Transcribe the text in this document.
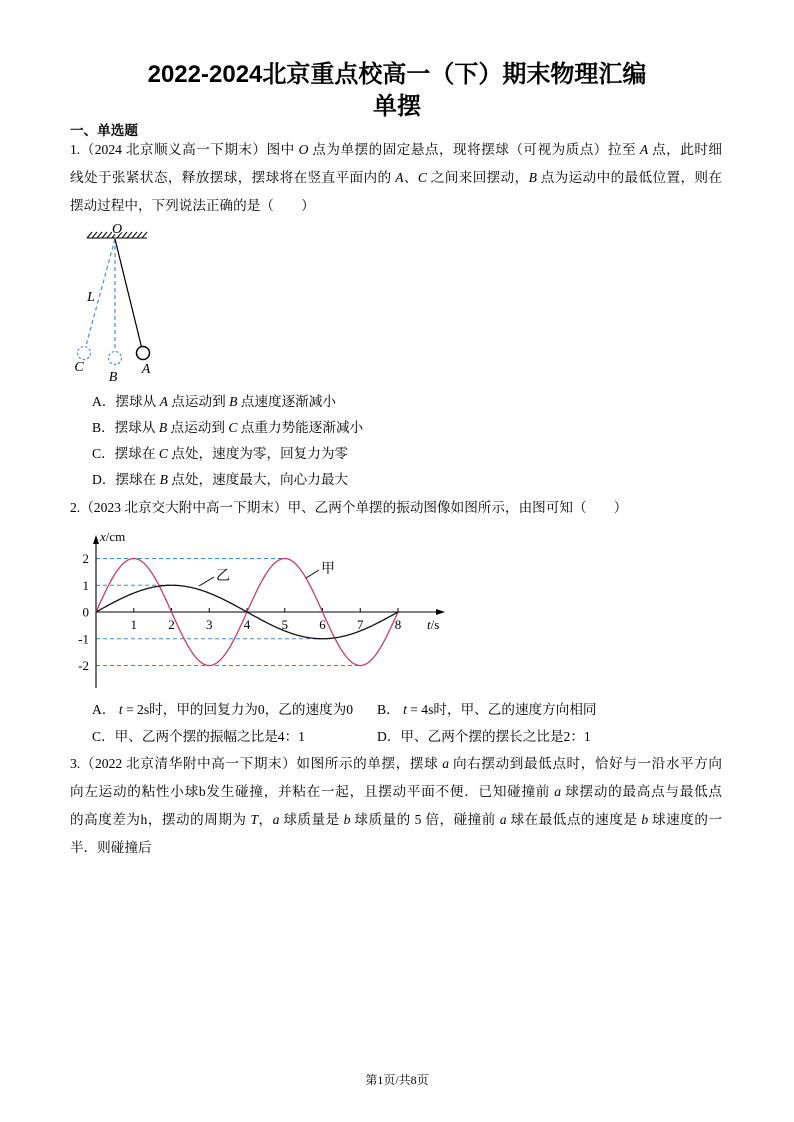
2022-2024北京重点校高一（下）期末物理汇编
单摆
一、单选题
1.（2024 北京顺义高一下期末）图中 O 点为单摆的固定悬点，现将摆球（可视为质点）拉至 A 点，此时细
线处于张紧状态，释放摆球，摆球将在竖直平面内的 A、C 之间来回摆动，B 点为运动中的最低位置，则在
摆动过程中，下列说法正确的是（　　）
O
L
C
B
A
A．摆球从 A 点运动到 B 点速度逐渐减小
B．摆球从 B 点运动到 C 点重力势能逐渐减小
C．摆球在 C 点处，速度为零，回复力为零
D．摆球在 B 点处，速度最大，向心力最大
2.（2023 北京交大附中高一下期末）甲、乙两个单摆的振动图像如图所示，由图可知（　　）
1 2 3 4 5 6 7 8
2
1
0
-1
-2
x/cm
t/s
乙	甲
A． t = 2s时，甲的回复力为0，乙的速度为0 B． t = 4s时，甲、乙的速度方向相同
C．甲、乙两个摆的振幅之比是4：1	D．甲、乙两个摆的摆长之比是2：1
3.（2022 北京清华附中高一下期末）如图所示的单摆，摆球 a 向右摆动到最低点时，恰好与一沿水平方向
向左运动的粘性小球b发生碰撞，并粘在一起，且摆动平面不便．已知碰撞前 a 球摆动的最高点与最低点
的高度差为h，摆动的周期为 T，a 球质量是 b 球质量的 5 倍，碰撞前 a 球在最低点的速度是 b 球速度的一
半．则碰撞后
第1页/共8页
